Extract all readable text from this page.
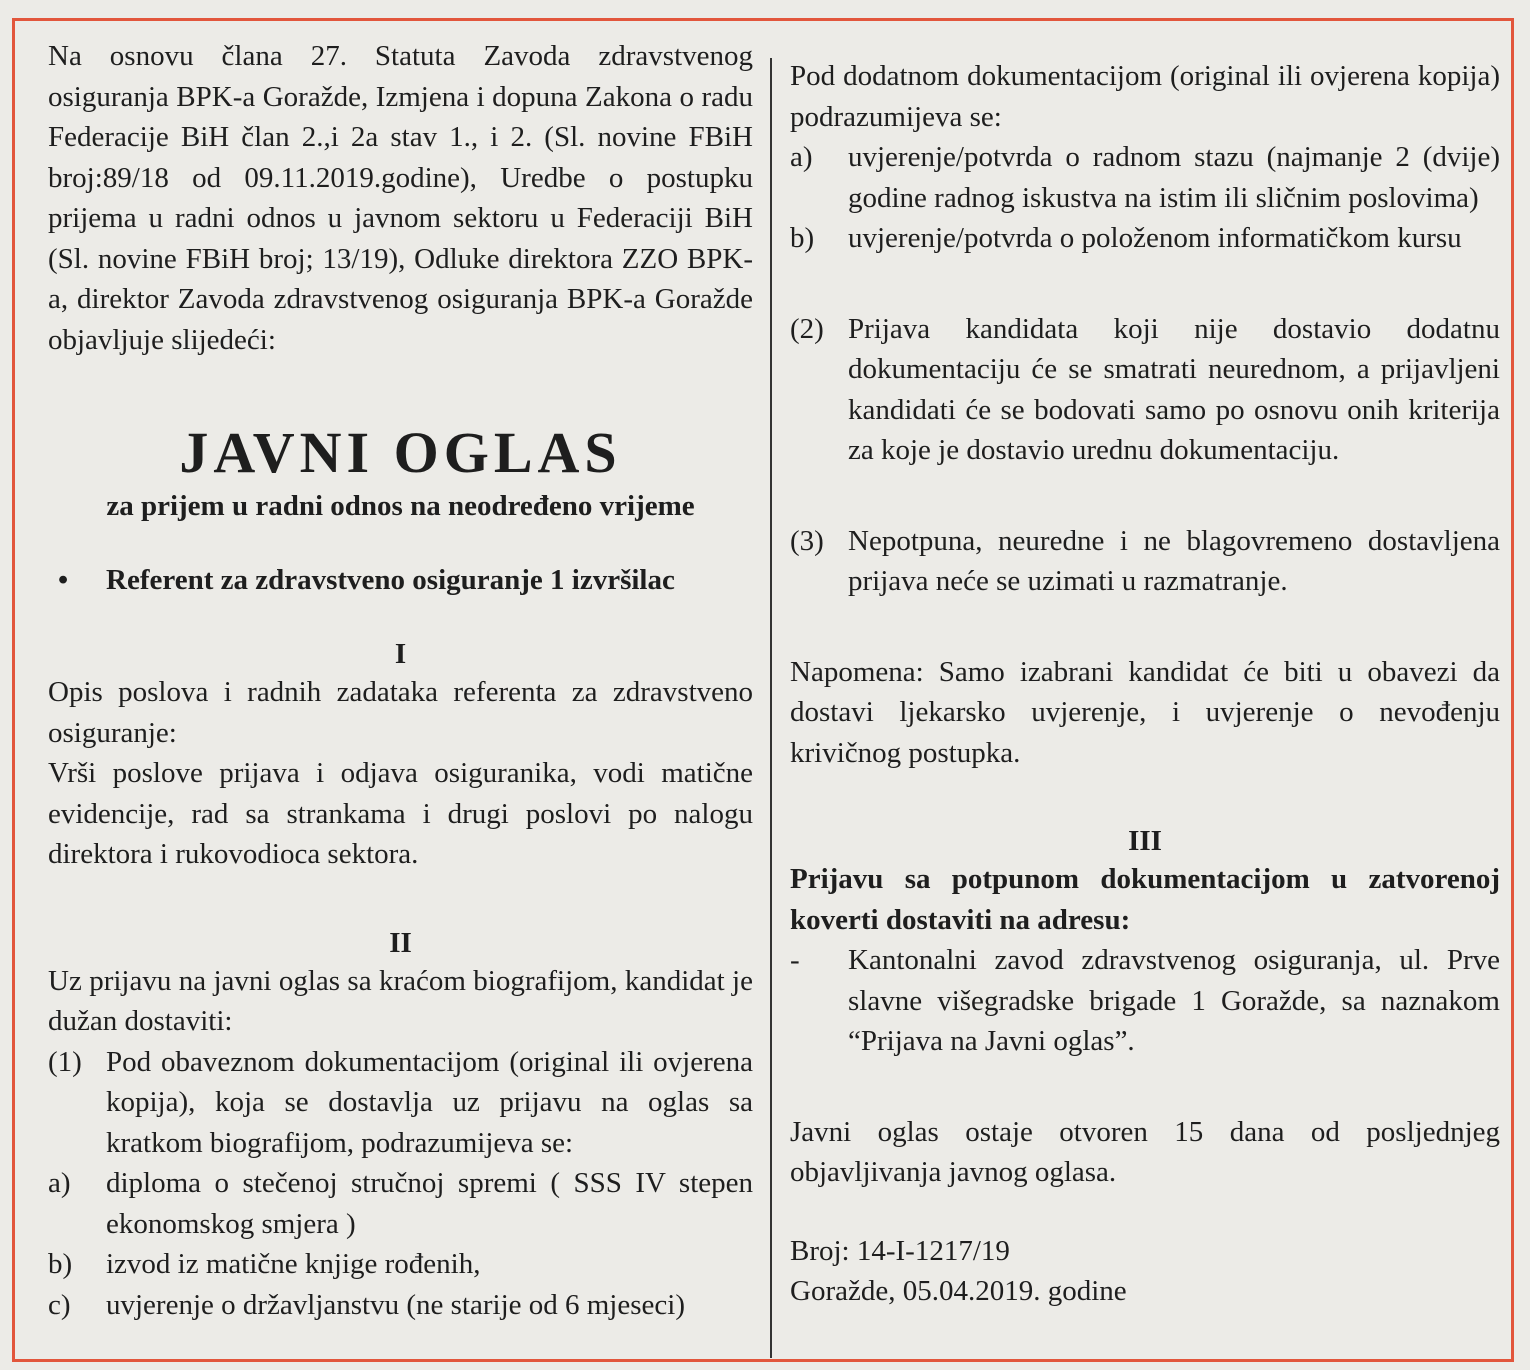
Na osnovu člana 27. Statuta Zavoda zdravstvenog osiguranja BPK-a Goražde, Izmjena i dopuna Zakona o radu Federacije BiH član 2.,i 2a stav 1., i 2. (Sl. novine FBiH broj:89/18 od 09.11.2019.godine), Uredbe o postupku prijema u radni odnos u javnom sektoru u Federaciji BiH (Sl. novine FBiH broj; 13/19), Odluke direktora ZZO BPK-a, direktor Zavoda zdravstvenog osiguranja BPK-a Goražde objavljuje slijedeći:

JAVNI OGLAS

za prijem u radni odnos na neodređeno vrijeme

•	Referent za zdravstveno osiguranje 1 izvršilac

I

Opis poslova i radnih zadataka referenta za zdravstveno osiguranje:

Vrši poslove prijava i odjava osiguranika, vodi matične evidencije, rad sa strankama i drugi poslovi po nalogu direktora i rukovodioca sektora.

II

Uz prijavu na javni oglas sa kraćom biografijom, kandidat je dužan dostaviti:

(1) Pod obaveznom dokumentacijom (original ili ovjerena kopija), koja se dostavlja uz prijavu na oglas sa kratkom biografijom, podrazumijeva se:
a)	diploma o stečenoj stručnoj spremi ( SSS IV stepen ekonomskog smjera )
b)	izvod iz matične knjige rođenih,
c)	uvjerenje o državljanstvu (ne starije od 6 mjeseci)

Pod dodatnom dokumentacijom (original ili ovjerena kopija) podrazumijeva se:

a)	uvjerenje/potvrda o radnom stazu (najmanje 2 (dvije) godine radnog iskustva na istim ili sličnim poslovima)
b)	uvjerenje/potvrda o položenom informatičkom kursu
(2) Prijava kandidata koji nije dostavio dodatnu dokumentaciju će se smatrati neurednom, a prijavljeni kandidati će se bodovati samo po osnovu onih kriterija za koje je dostavio urednu dokumentaciju.
(3) Nepotpuna, neuredne i ne blagovremeno dostavljena prijava neće se uzimati u razmatranje.

Napomena: Samo izabrani kandidat će biti u obavezi da dostavi ljekarsko uvjerenje, i uvjerenje o nevođenju krivičnog postupka.

III

Prijavu sa potpunom dokumentacijom u zatvorenoj koverti dostaviti na adresu:

-	Kantonalni zavod zdravstvenog osiguranja, ul. Prve slavne višegradske brigade 1 Goražde, sa naznakom “Prijava na Javni oglas”.

Javni oglas ostaje otvoren 15 dana od posljednjeg objavljivanja javnog oglasa.

Broj: 14-I-1217/19

Goražde, 05.04.2019. godine
